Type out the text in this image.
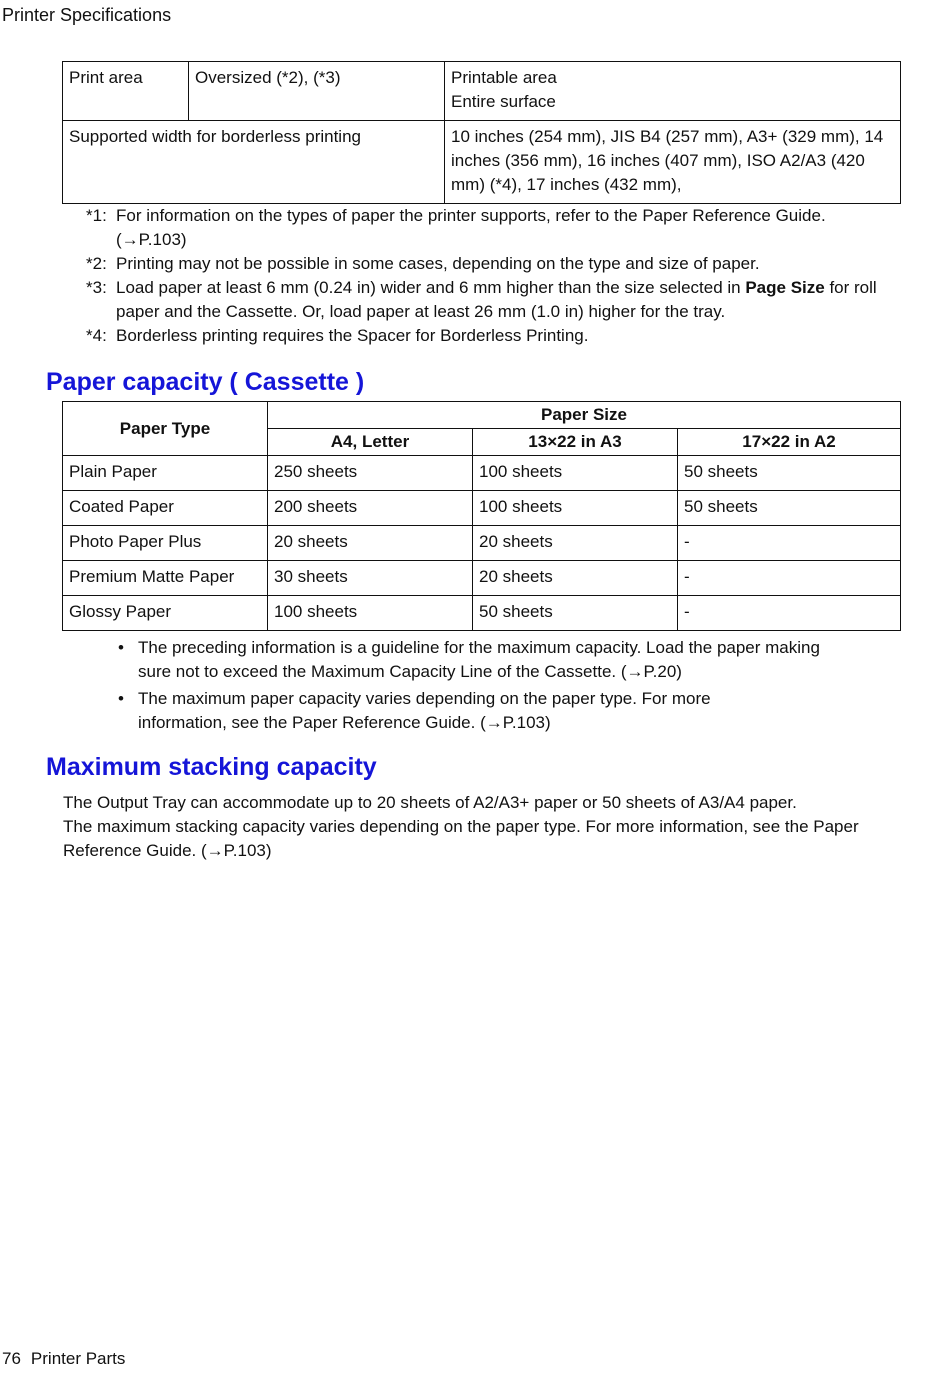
Printer Specifications
Print area	Oversized (*2), (*3)	Printable area
Entire surface

Supported width for borderless printing		10 inches (254 mm), JIS B4 (257 mm), A3+ (329 mm), 14
inches (356 mm), 16 inches (407 mm), ISO A2/A3 (420
mm) (*4), 17 inches (432 mm),
*1: For information on the types of paper the printer supports, refer to the Paper Reference Guide.
(→P.103)
*2: Printing may not be possible in some cases, depending on the type and size of paper.
*3: Load paper at least 6 mm (0.24 in) wider and 6 mm higher than the size selected in Page Size for roll
paper and the Cassette. Or, load paper at least 26 mm (1.0 in) higher for the tray.
*4: Borderless printing requires the Spacer for Borderless Printing.
Paper capacity ( Cassette )
Paper Type	Paper Size		
	A4, Letter	13×22 in A3	17×22 in A2
Plain Paper	250 sheets	100 sheets	50 sheets
Coated Paper	200 sheets	100 sheets	50 sheets
Photo Paper Plus	20 sheets	20 sheets	-
Premium Matte Paper	30 sheets	20 sheets	-
Glossy Paper	100 sheets	50 sheets	-
• The preceding information is a guideline for the maximum capacity. Load the paper making
sure not to exceed the Maximum Capacity Line of the Cassette. (→P.20)
• The maximum paper capacity varies depending on the paper type. For more
information, see the Paper Reference Guide. (→P.103)
Maximum stacking capacity

The Output Tray can accommodate up to 20 sheets of A2/A3+ paper or 50 sheets of A3/A4 paper.

The maximum stacking capacity varies depending on the paper type. For more information, see the Paper

Reference Guide. (→P.103)

76 Printer Parts
